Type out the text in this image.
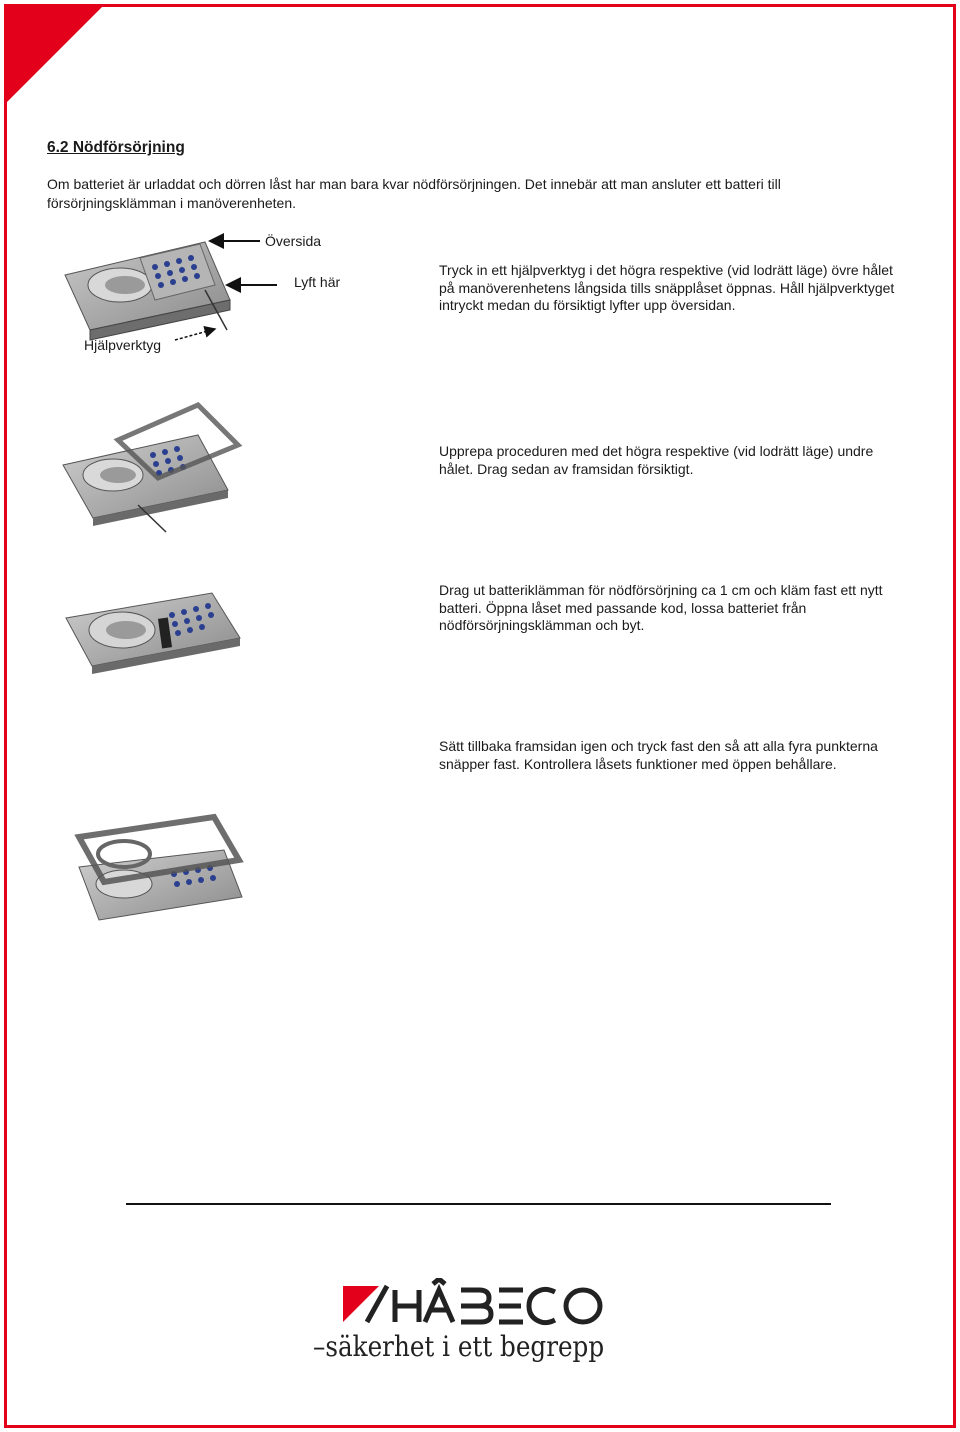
6.2 Nödförsörjning

Om batteriet är urladdat och dörren låst har man bara kvar nödförsörjningen. Det innebär att man ansluter ett batteri till försörjningsklämman i manöverenheten.

Översida
Lyft här
Hjälpverktyg

Tryck in ett hjälpverktyg i det högra respektive (vid lodrätt läge) övre hålet på manöverenhetens långsida tills snäpplåset öppnas. Håll hjälpverktyget intryckt medan du försiktigt lyfter upp översidan.

Upprepa proceduren med det högra respektive (vid lodrätt läge) undre hålet. Drag sedan av framsidan försiktigt.

Drag ut batteriklämman för nödförsörjning ca 1 cm och kläm fast ett nytt batteri. Öppna låset med passande kod, lossa batteriet från nödförsörjningsklämman och byt.

Sätt tillbaka framsidan igen och tryck fast den så att alla fyra punkterna snäpper fast. Kontrollera låsets funktioner med öppen behållare.

–säkerhet i ett begrepp
